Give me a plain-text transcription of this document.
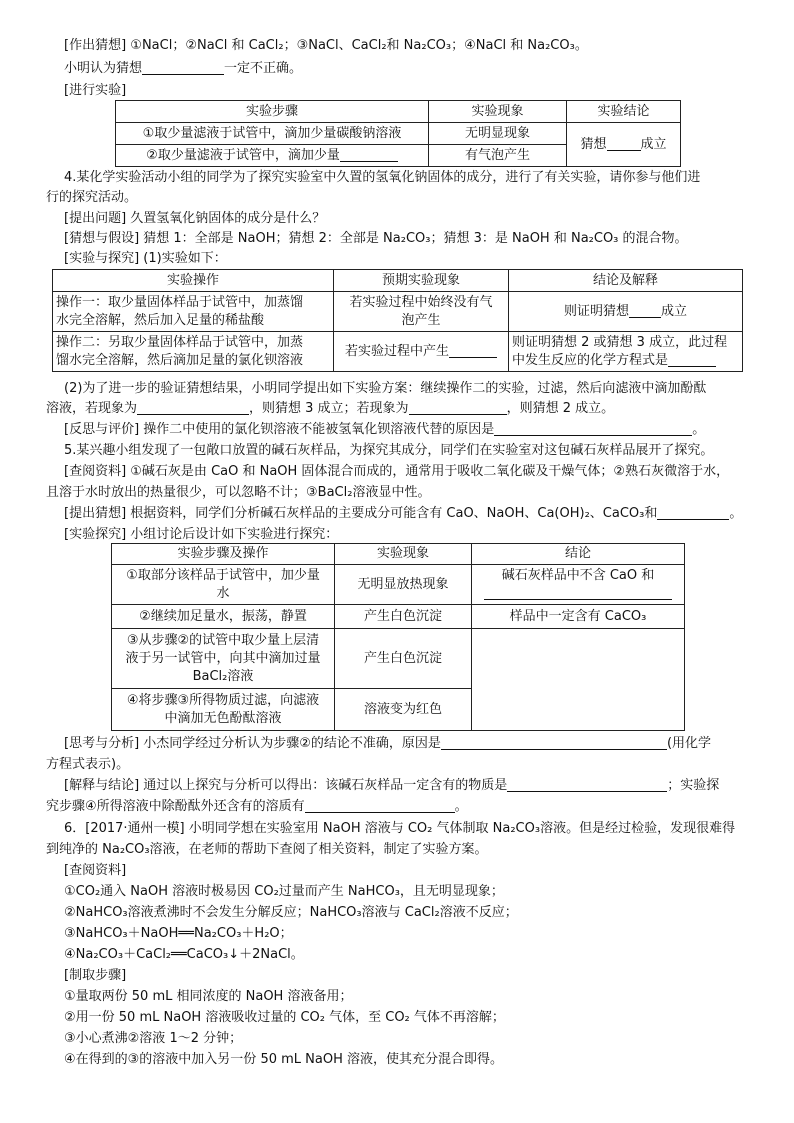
[作出猜想] ①NaCl；②NaCl 和 CaCl₂；③NaCl、CaCl₂和 Na₂CO₃；④NaCl 和 Na₂CO₃。
小明认为猜想	一定不正确。
[进行实验]
实验步骤	实验现象	实验结论
①取少量滤液于试管中，滴加少量碳酸钠溶液	无明显现象	猜想 成立
②取少量滤液于试管中，滴加少量	有气泡产生	
4.某化学实验活动小组的同学为了探究实验室中久置的氢氧化钠固体的成分，进行了有关实验，请你参与他们进
行的探究活动。
[提出问题] 久置氢氧化钠固体的成分是什么？
[猜想与假设] 猜想 1：全部是 NaOH；猜想 2：全部是 Na₂CO₃；猜想 3：是 NaOH 和 Na₂CO₃ 的混合物。
[实验与探究] (1)实验如下：
实验操作	预期实验现象	结论及解释
操作一：取少量固体样品于试管中，加蒸馏
水完全溶解，然后加入足量的稀盐酸	若实验过程中始终没有气
泡产生	则证明猜想 成立
操作二：另取少量固体样品于试管中，加蒸
馏水完全溶解，然后滴加足量的氯化钡溶液	若实验过程中产生	则证明猜想 2 或猜想 3 成立，此过程
中发生反应的化学方程式是
(2)为了进一步的验证猜想结果，小明同学提出如下实验方案：继续操作二的实验，过滤，然后向滤液中滴加酚酞
溶液，若现象为	，则猜想 3 成立；若现象为	，则猜想 2 成立。
[反思与评价] 操作二中使用的氯化钡溶液不能被氢氧化钡溶液代替的原因是	。
5.某兴趣小组发现了一包敞口放置的碱石灰样品，为探究其成分，同学们在实验室对这包碱石灰样品展开了探究。
[查阅资料] ①碱石灰是由 CaO 和 NaOH 固体混合而成的，通常用于吸收二氧化碳及干燥气体；②熟石灰微溶于水，
且溶于水时放出的热量很少，可以忽略不计；③BaCl₂溶液显中性。
[提出猜想] 根据资料，同学们分析碱石灰样品的主要成分可能含有 CaO、NaOH、Ca(OH)₂、CaCO₃和	。
[实验探究] 小组讨论后设计如下实验进行探究：
实验步骤及操作	实验现象	结论
①取部分该样品于试管中，加少量
水	无明显放热现象	碱石灰样品中不含 CaO 和

②继续加足量水，振荡，静置	产生白色沉淀	样品中一定含有 CaCO₃
③从步骤②的试管中取少量上层清
液于另一试管中，向其中滴加过量
BaCl₂溶液	产生白色沉淀	
④将步骤③所得物质过滤，向滤液
中滴加无色酚酞溶液	溶液变为红色	
[思考与分析] 小杰同学经过分析认为步骤②的结论不准确，原因是	(用化学
方程式表示)。
[解释与结论] 通过以上探究与分析可以得出：该碱石灰样品一定含有的物质是	；实验探
究步骤④所得溶液中除酚酞外还含有的溶质有	。
6．[2017·通州一模] 小明同学想在实验室用 NaOH 溶液与 CO₂ 气体制取 Na₂CO₃溶液。但是经过检验，发现很难得
到纯净的 Na₂CO₃溶液，在老师的帮助下查阅了相关资料，制定了实验方案。
[查阅资料]
①CO₂通入 NaOH 溶液时极易因 CO₂过量而产生 NaHCO₃，且无明显现象；
②NaHCO₃溶液煮沸时不会发生分解反应；NaHCO₃溶液与 CaCl₂溶液不反应；
③NaHCO₃＋NaOH══Na₂CO₃＋H₂O；
④Na₂CO₃＋CaCl₂══CaCO₃↓＋2NaCl。
[制取步骤]
①量取两份 50 mL 相同浓度的 NaOH 溶液备用；
②用一份 50 mL NaOH 溶液吸收过量的 CO₂ 气体，至 CO₂ 气体不再溶解；
③小心煮沸②溶液 1～2 分钟；
④在得到的③的溶液中加入另一份 50 mL NaOH 溶液，使其充分混合即得。
